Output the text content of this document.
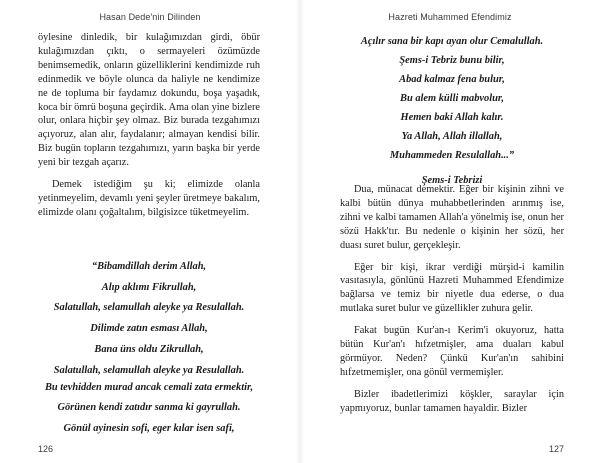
Hasan Dede'nin Dilinden

öylesine dinledik, bir kulağımızdan girdi, öbür kulağımızdan çıktı, o sermayeleri özümüzde benimsemedik, onların güzelliklerini kendimizde ruh edinmedik ve böyle olunca da haliyle ne kendimize ne de topluma bir faydamız dokundu, boşa yaşadık, koca bir ömrü boşuna geçirdik. Ama olan yine bizlere olur, onlara hiçbir şey olmaz. Biz burada tezgahımızı açıyoruz, alan alır, faydalanır; almayan kendisi bilir. Biz bugün topların tezgahımızı, yarın başka bir yerde yeni bir tezgah açarız.

Demek istediğim şu ki; elimizde olanla yetinmeyelim, devamlı yeni şeyler üretmeye bakalım, elimizde olanı çoğaltalım, bilgisizce tüketmeyelim.

“Bibamdillah derim Allah,
Alıp aklımı Fikrullah,
Salatullah, selamullah aleyke ya Resulallah.
Dilimde zatın esması Allah,
Bana üns oldu Zikrullah,
Salatullah, selamullah aleyke ya Resulallah.
Bu tevhidden murad ancak cemali zata ermektir,
Görünen kendi zatıdır sanma ki gayrullah.
Gönül ayinesin sofi, eger kılar isen safi,
126
Hazreti Muhammed Efendimiz
Açılır sana bir kapı ayan olur Cemalullah.
Şems-i Tebriz bunu bilir,
Abad kalmaz fena bulur,
Bu alem külli mabvolur,
Hemen baki Allah kalır.
Ya Allah, Allah illallah,
Muhammeden Resulallah...”
Şems-i Tebrizi

Dua, münacat demektir. Eğer bir kişinin zihni ve kalbi bütün dünya muhabbetlerinden arınmış ise, zihni ve kalbi tamamen Allah'a yönelmiş ise, onun her sözü Hakk'tır. Bu nedenle o kişinin her sözü, her duası suret bulur, gerçekleşir.

Eğer bir kişi, ikrar verdiği mürşid-i kamilin vasıtasıyla, gönlünü Hazreti Muhammed Efendimize bağlarsa ve temiz bir niyetle dua ederse, o dua mutlaka suret bulur ve güzellikler zuhura gelir.

Fakat bugün Kur'an-ı Kerim'i okuyoruz, hatta bütün Kur'an'ı hıfzetmişler, ama duaları kabul görmüyor. Neden? Çünkü Kur'an'ın sahibini hıfzetmemişler, ona gönül vermemişler.

Bizler ibadetlerimizi köşkler, saraylar için yapmıyoruz, bunlar tamamen hayaldir. Bizler

127
